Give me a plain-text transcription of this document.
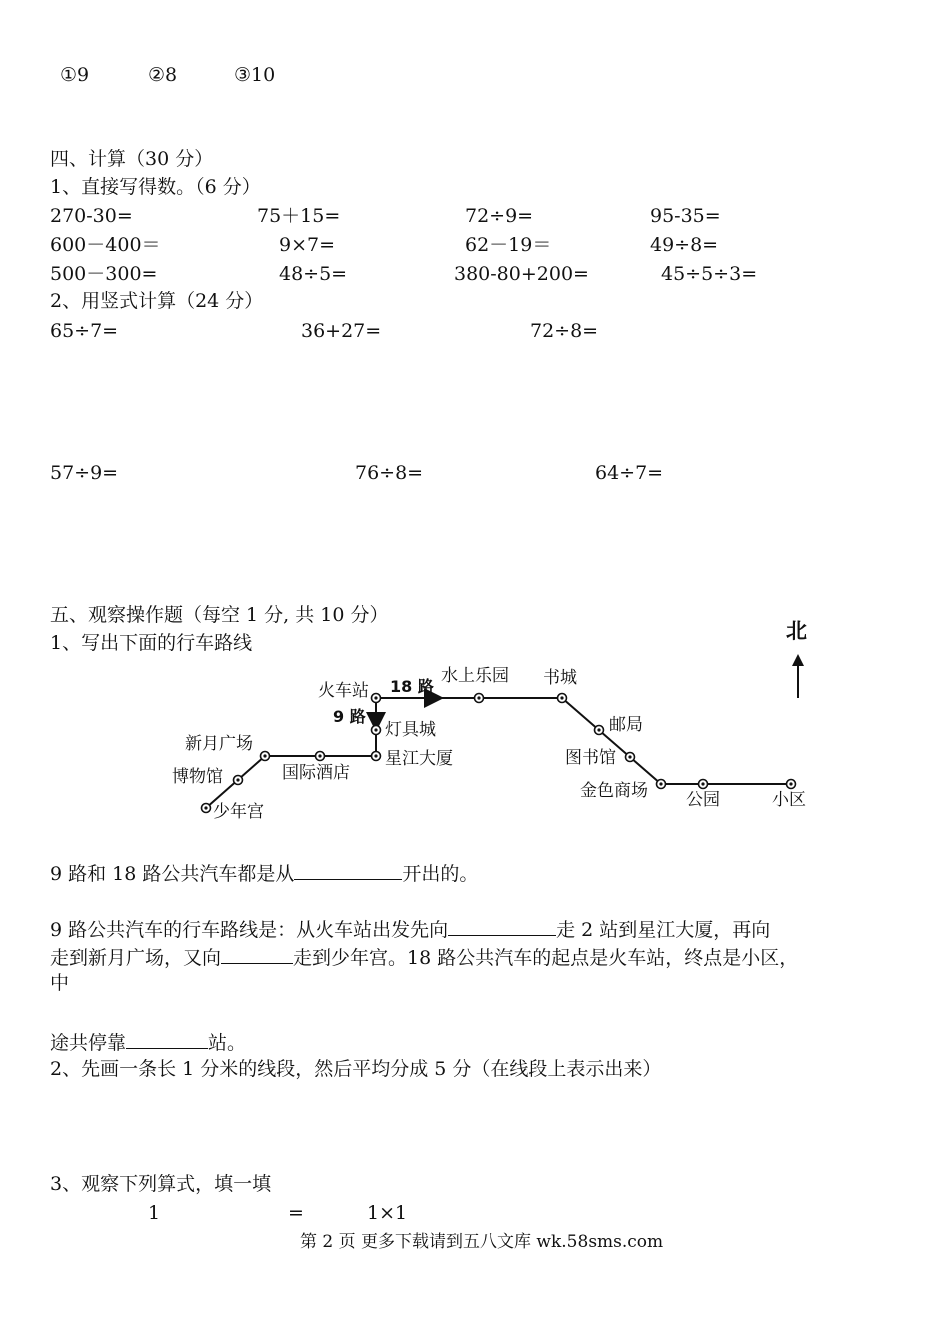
①9	②8	③10
四、计算（30 分）
1、直接写得数。（6 分）
270-30=	75＋15=	72÷9=	95-35=
600－400＝	9×7=	62－19＝	49÷8=
500－300=	48÷5=	380-80+200=	45÷5÷3=
2、用竖式计算（24 分）
65÷7=	36+27=	72÷8=
57÷9=	76÷8=	64÷7=
五、观察操作题（每空 1 分, 共 10 分）
1、写出下面的行车路线	北
18 路
9 路
火车站
水上乐园 书城
邮局
图书馆
金色商场 公园	小区
灯具城
星江大厦
国际酒店
新月广场
博物馆
少年宫
9 路和 18 路公共汽车都是从	开出的。
9 路公共汽车的行车路线是：从火车站出发先向	走 2 站到星江大厦，再向
走到新月广场，又向	走到少年宫。18 路公共汽车的起点是火车站，终点是小区，
中
途共停靠	站。
2、先画一条长 1 分米的线段，然后平均分成 5 分（在线段上表示出来）
3、观察下列算式，填一填
1	=	1×1
第 2 页 更多下载请到五八文库 wk.58sms.com
